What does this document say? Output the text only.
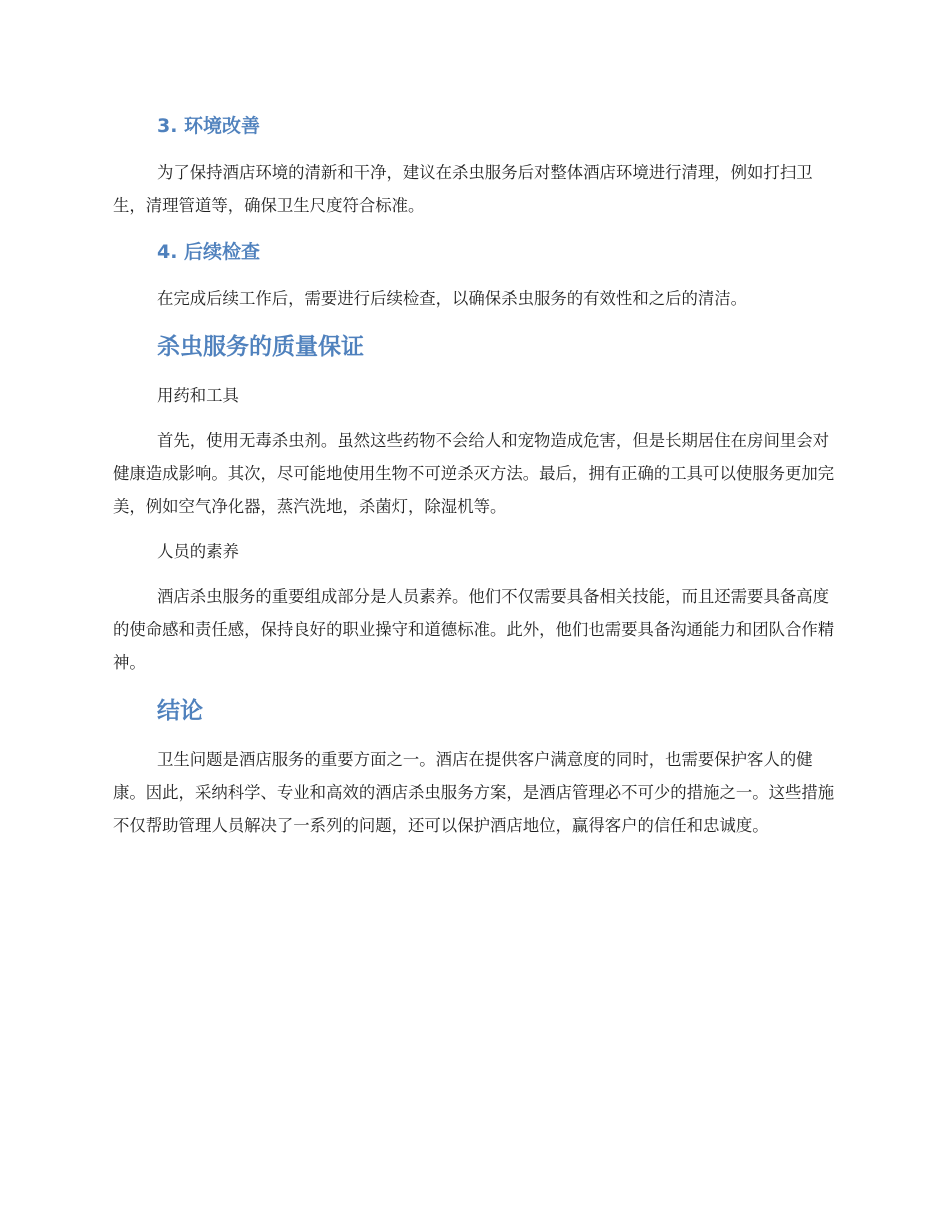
3. 环境改善

为了保持酒店环境的清新和干净，建议在杀虫服务后对整体酒店环境进行清理，例如打扫卫生，清理管道等，确保卫生尺度符合标准。

4. 后续检查

在完成后续工作后，需要进行后续检查，以确保杀虫服务的有效性和之后的清洁。

杀虫服务的质量保证

用药和工具

首先，使用无毒杀虫剂。虽然这些药物不会给人和宠物造成危害，但是长期居住在房间里会对健康造成影响。其次，尽可能地使用生物不可逆杀灭方法。最后，拥有正确的工具可以使服务更加完美，例如空气净化器，蒸汽洗地，杀菌灯，除湿机等。

人员的素养

酒店杀虫服务的重要组成部分是人员素养。他们不仅需要具备相关技能，而且还需要具备高度的使命感和责任感，保持良好的职业操守和道德标准。此外，他们也需要具备沟通能力和团队合作精神。

结论

卫生问题是酒店服务的重要方面之一。酒店在提供客户满意度的同时，也需要保护客人的健康。因此，采纳科学、专业和高效的酒店杀虫服务方案，是酒店管理必不可少的措施之一。这些措施不仅帮助管理人员解决了一系列的问题，还可以保护酒店地位，赢得客户的信任和忠诚度。
